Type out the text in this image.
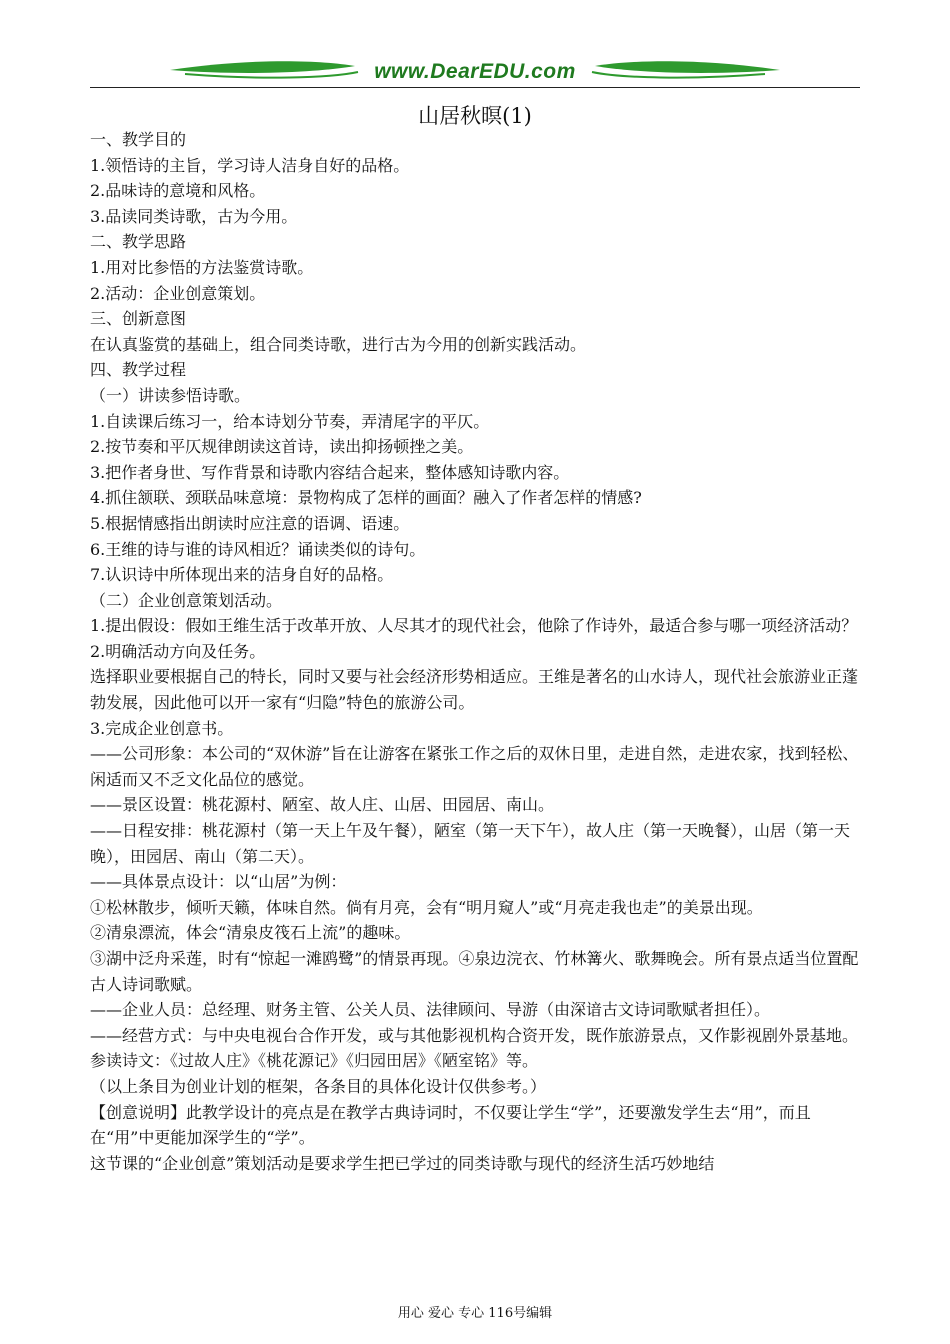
www.DearEDU.com
山居秋暝(1)

一、教学目的

1.领悟诗的主旨，学习诗人洁身自好的品格。

2.品味诗的意境和风格。

3.品读同类诗歌，古为今用。

二、教学思路

1.用对比参悟的方法鉴赏诗歌。

2.活动：企业创意策划。

三、创新意图

在认真鉴赏的基础上，组合同类诗歌，进行古为今用的创新实践活动。

四、教学过程

（一）讲读参悟诗歌。

1.自读课后练习一，给本诗划分节奏，弄清尾字的平仄。

2.按节奏和平仄规律朗读这首诗，读出抑扬顿挫之美。

3.把作者身世、写作背景和诗歌内容结合起来，整体感知诗歌内容。

4.抓住颔联、颈联品味意境：景物构成了怎样的画面？融入了作者怎样的情感?

5.根据情感指出朗读时应注意的语调、语速。

6.王维的诗与谁的诗风相近？诵读类似的诗句。

7.认识诗中所体现出来的洁身自好的品格。

（二）企业创意策划活动。

1.提出假设：假如王维生活于改革开放、人尽其才的现代社会，他除了作诗外，最适合参与哪一项经济活动？ 2.明确活动方向及任务。

选择职业要根据自己的特长，同时又要与社会经济形势相适应。王维是著名的山水诗人，现代社会旅游业正蓬勃发展，因此他可以开一家有“归隐”特色的旅游公司。

3.完成企业创意书。

——公司形象：本公司的“双休游”旨在让游客在紧张工作之后的双休日里，走进自然，走进农家，找到轻松、闲适而又不乏文化品位的感觉。

——景区设置：桃花源村、陋室、故人庄、山居、田园居、南山。

——日程安排：桃花源村（第一天上午及午餐），陋室（第一天下午），故人庄（第一天晚餐），山居（第一天晚），田园居、南山（第二天）。

——具体景点设计：以“山居”为例：

①松林散步，倾听天籁，体味自然。倘有月亮，会有“明月窥人”或“月亮走我也走”的美景出现。

②清泉漂流，体会“清泉皮筏石上流”的趣味。

③湖中泛舟采莲，时有“惊起一滩鸥鹭”的情景再现。④泉边浣衣、竹林篝火、歌舞晚会。所有景点适当位置配古人诗词歌赋。

——企业人员：总经理、财务主管、公关人员、法律顾问、导游（由深谙古文诗词歌赋者担任）。

——经营方式：与中央电视台合作开发，或与其他影视机构合资开发，既作旅游景点，又作影视剧外景基地。

参读诗文：《过故人庄》《桃花源记》《归园田居》《陋室铭》等。

（以上条目为创业计划的框架，各条目的具体化设计仅供参考。）

【创意说明】此教学设计的亮点是在教学古典诗词时，不仅要让学生“学”，还要激发学生去“用”，而且在“用”中更能加深学生的“学”。

这节课的“企业创意”策划活动是要求学生把已学过的同类诗歌与现代的经济生活巧妙地结

用心 爱心 专心 116号编辑
